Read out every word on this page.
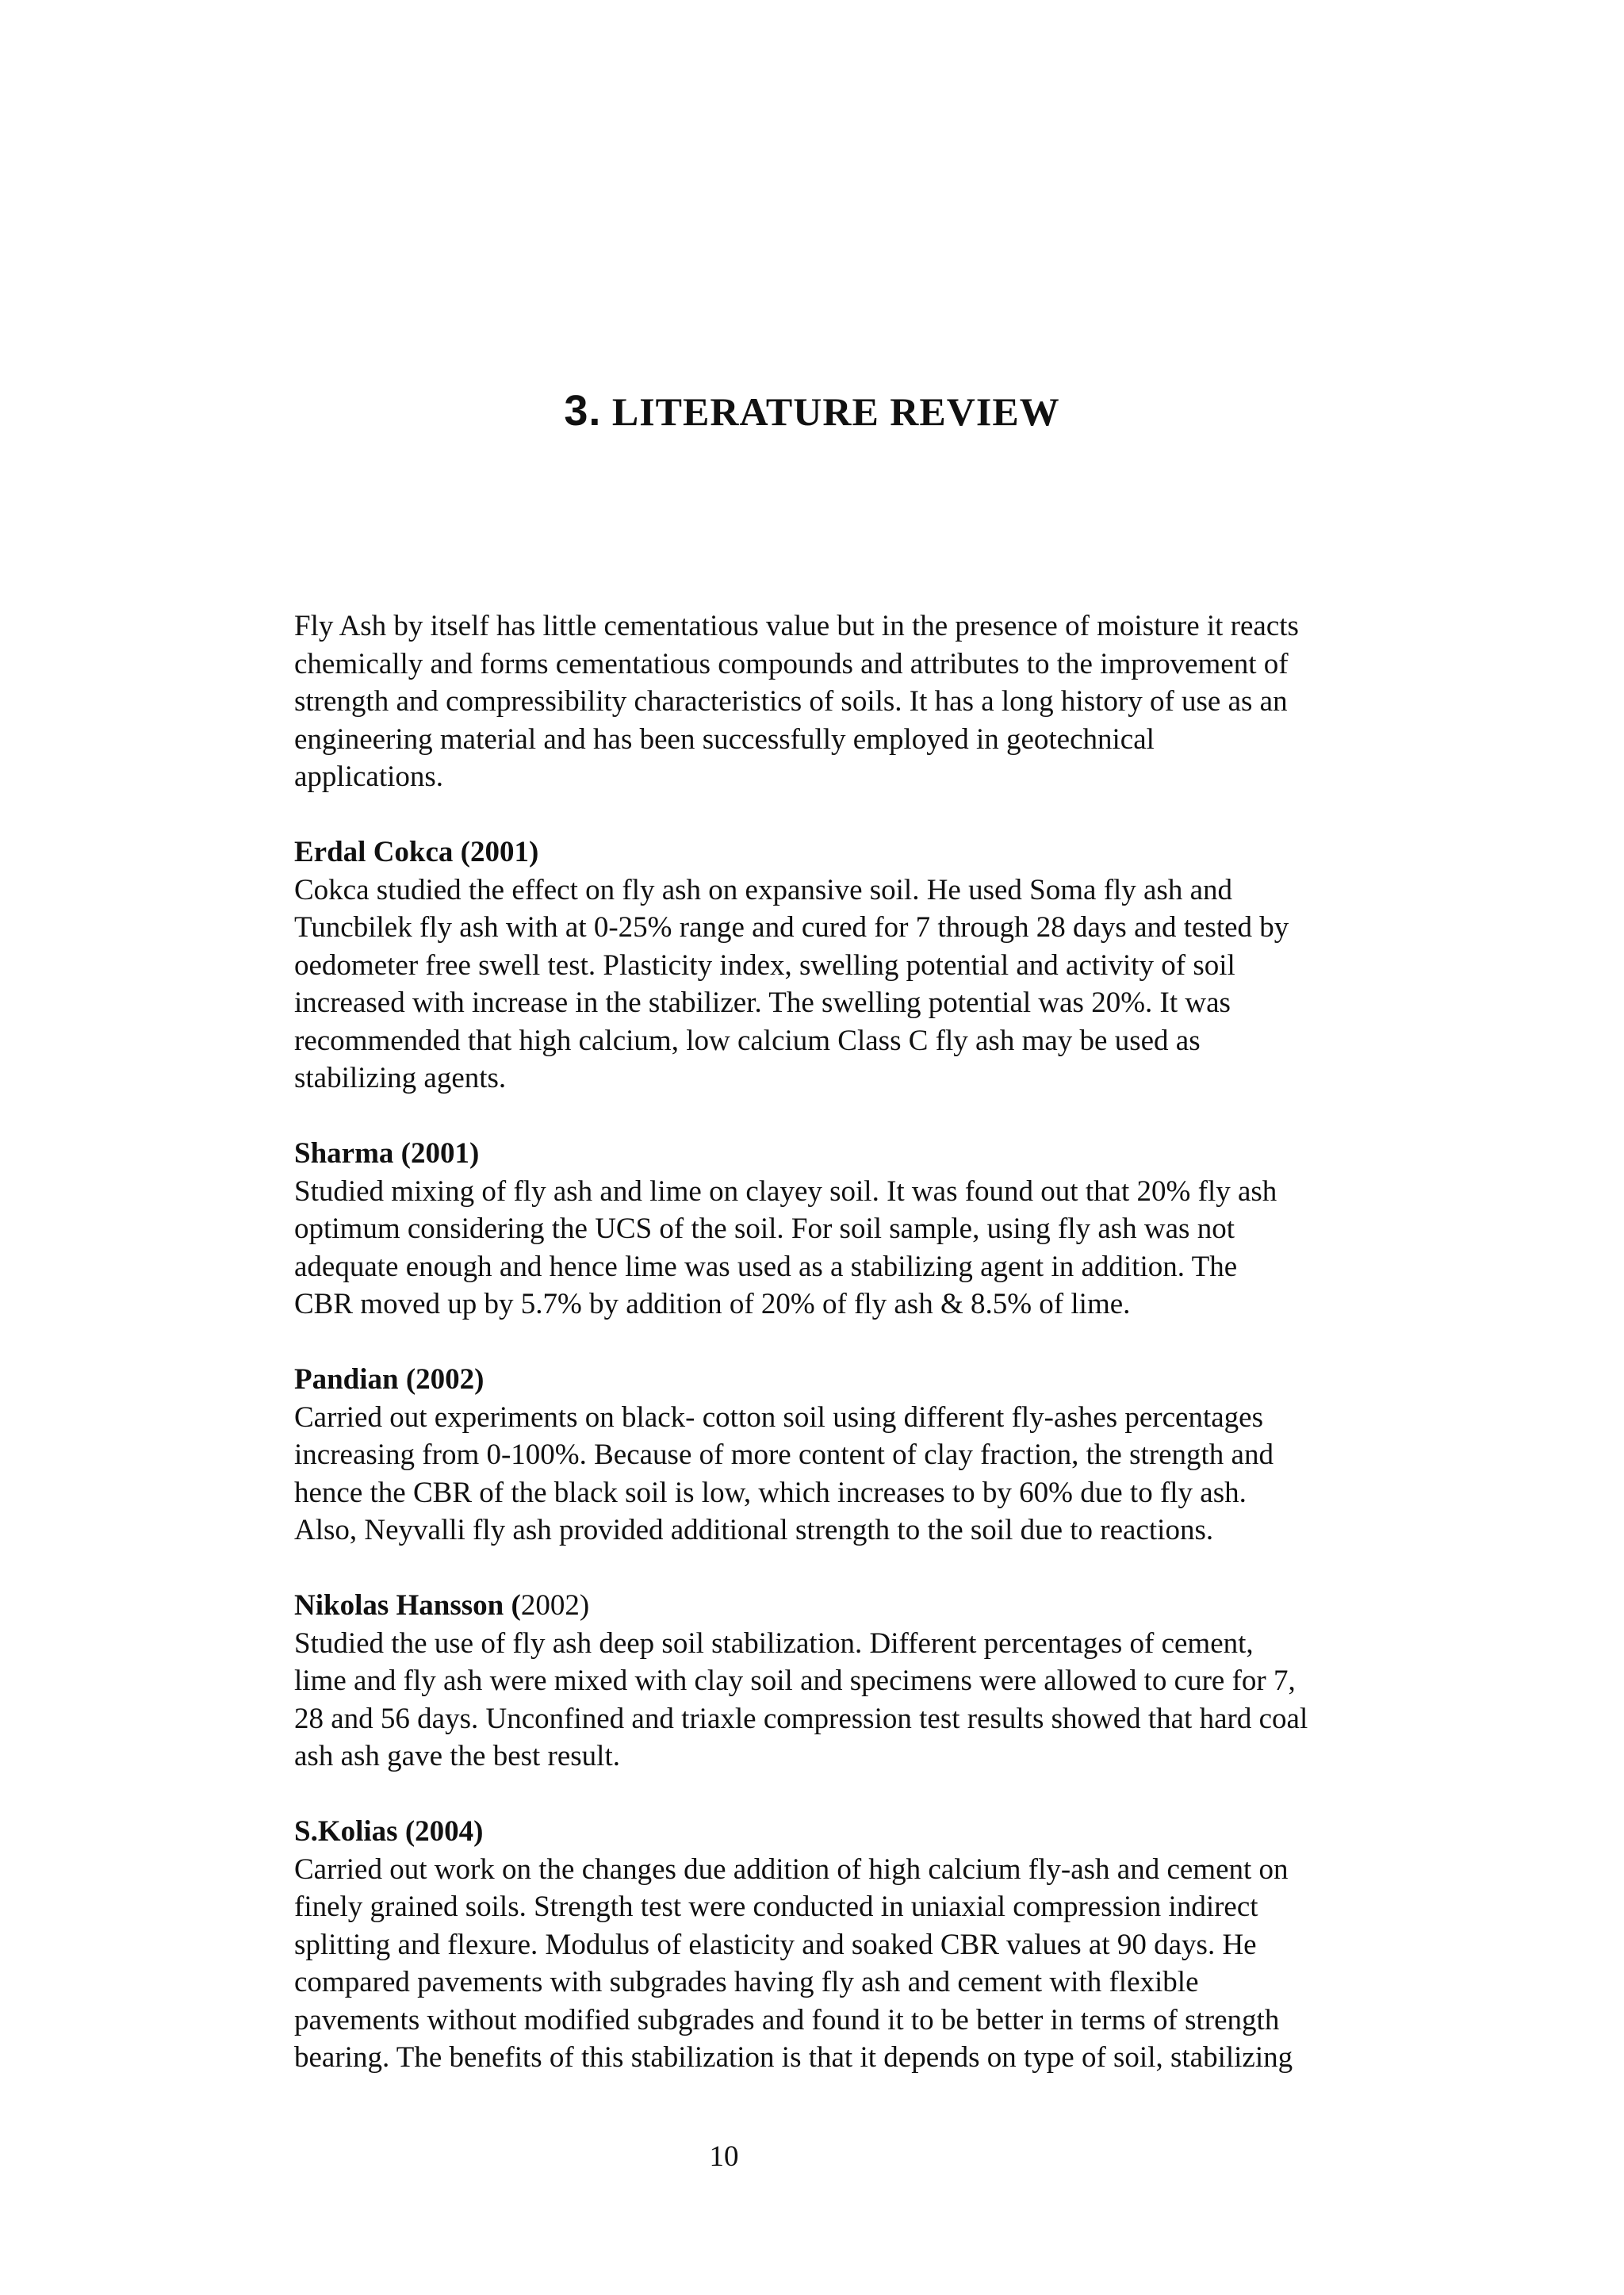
3. LITERATURE REVIEW

Fly Ash by itself has little cementatious value but in the presence of moisture it reacts
chemically and forms cementatious compounds and attributes to the improvement of
strength and compressibility characteristics of soils. It has a long history of use as an
engineering material and has been successfully employed in geotechnical
applications.

Erdal Cokca (2001)

Cokca studied the effect on fly ash on expansive soil. He used Soma fly ash and
Tuncbilek fly ash with at 0-25% range and cured for 7 through 28 days and tested by
oedometer free swell test. Plasticity index, swelling potential and activity of soil
increased with increase in the stabilizer. The swelling potential was 20%. It was
recommended that high calcium, low calcium Class C fly ash may be used as
stabilizing agents.

Sharma (2001)

Studied mixing of fly ash and lime on clayey soil. It was found out that 20% fly ash
optimum considering the UCS of the soil. For soil sample, using fly ash was not
adequate enough and hence lime was used as a stabilizing agent in addition. The
CBR moved up by 5.7% by addition of 20% of fly ash & 8.5% of lime.

Pandian (2002)

Carried out experiments on black- cotton soil using different fly-ashes percentages
increasing from 0-100%. Because of more content of clay fraction, the strength and
hence the CBR of the black soil is low, which increases to by 60% due to fly ash.
Also, Neyvalli fly ash provided additional strength to the soil due to reactions.

Nikolas Hansson (2002)

Studied the use of fly ash deep soil stabilization. Different percentages of cement,
lime and fly ash were mixed with clay soil and specimens were allowed to cure for 7,
28 and 56 days. Unconfined and triaxle compression test results showed that hard coal
ash ash gave the best result.

S.Kolias (2004)

Carried out work on the changes due addition of high calcium fly-ash and cement on
finely grained soils. Strength test were conducted in uniaxial compression indirect
splitting and flexure. Modulus of elasticity and soaked CBR values at 90 days. He
compared pavements with subgrades having fly ash and cement with flexible
pavements without modified subgrades and found it to be better in terms of strength
bearing. The benefits of this stabilization is that it depends on type of soil, stabilizing

10
